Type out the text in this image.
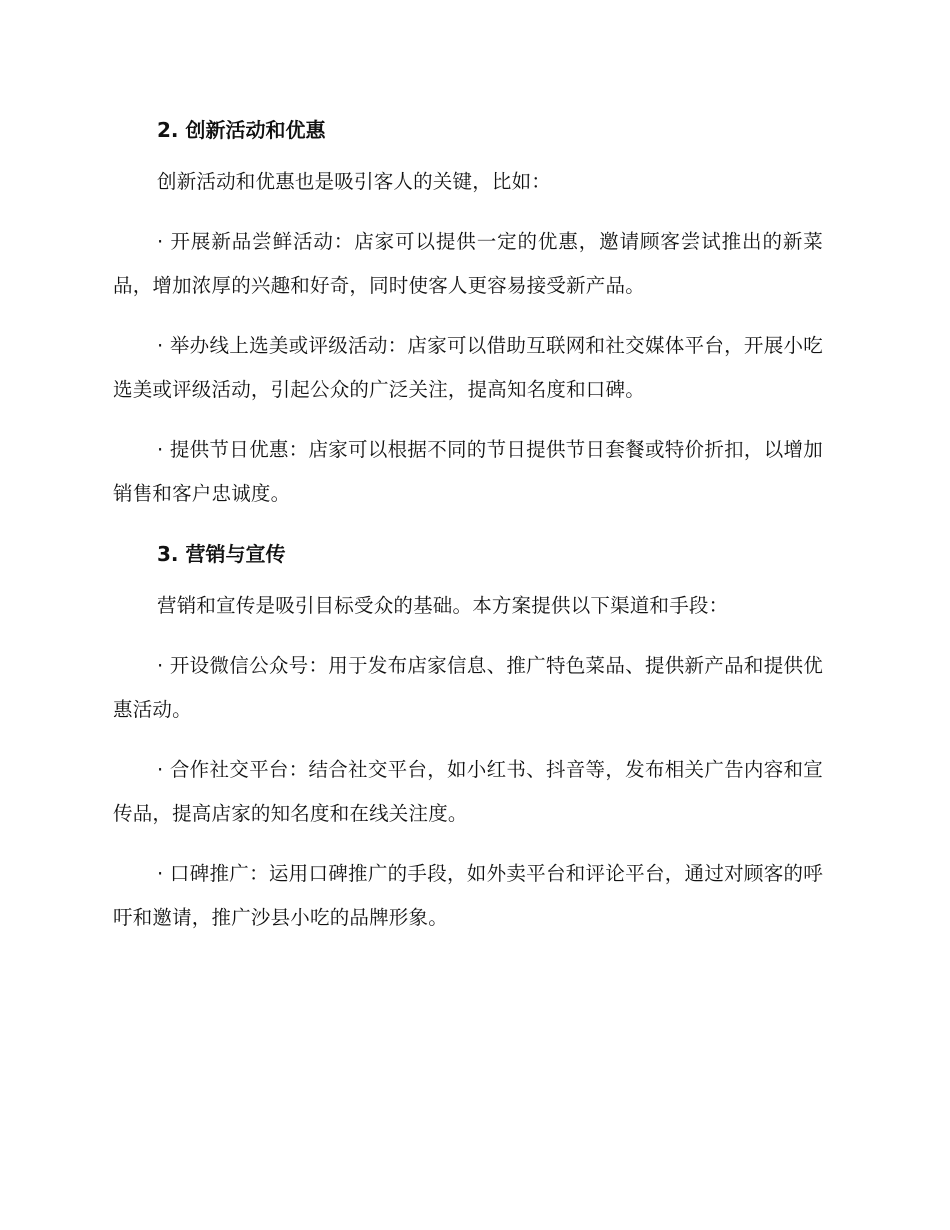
2. 创新活动和优惠

创新活动和优惠也是吸引客人的关键，比如：

· 开展新品尝鲜活动：店家可以提供一定的优惠，邀请顾客尝试推出的新菜品，增加浓厚的兴趣和好奇，同时使客人更容易接受新产品。

· 举办线上选美或评级活动：店家可以借助互联网和社交媒体平台，开展小吃选美或评级活动，引起公众的广泛关注，提高知名度和口碑。

· 提供节日优惠：店家可以根据不同的节日提供节日套餐或特价折扣，以增加销售和客户忠诚度。

3. 营销与宣传

营销和宣传是吸引目标受众的基础。本方案提供以下渠道和手段：

· 开设微信公众号：用于发布店家信息、推广特色菜品、提供新产品和提供优惠活动。

· 合作社交平台：结合社交平台，如小红书、抖音等，发布相关广告内容和宣传品，提高店家的知名度和在线关注度。

· 口碑推广：运用口碑推广的手段，如外卖平台和评论平台，通过对顾客的呼吁和邀请，推广沙县小吃的品牌形象。
